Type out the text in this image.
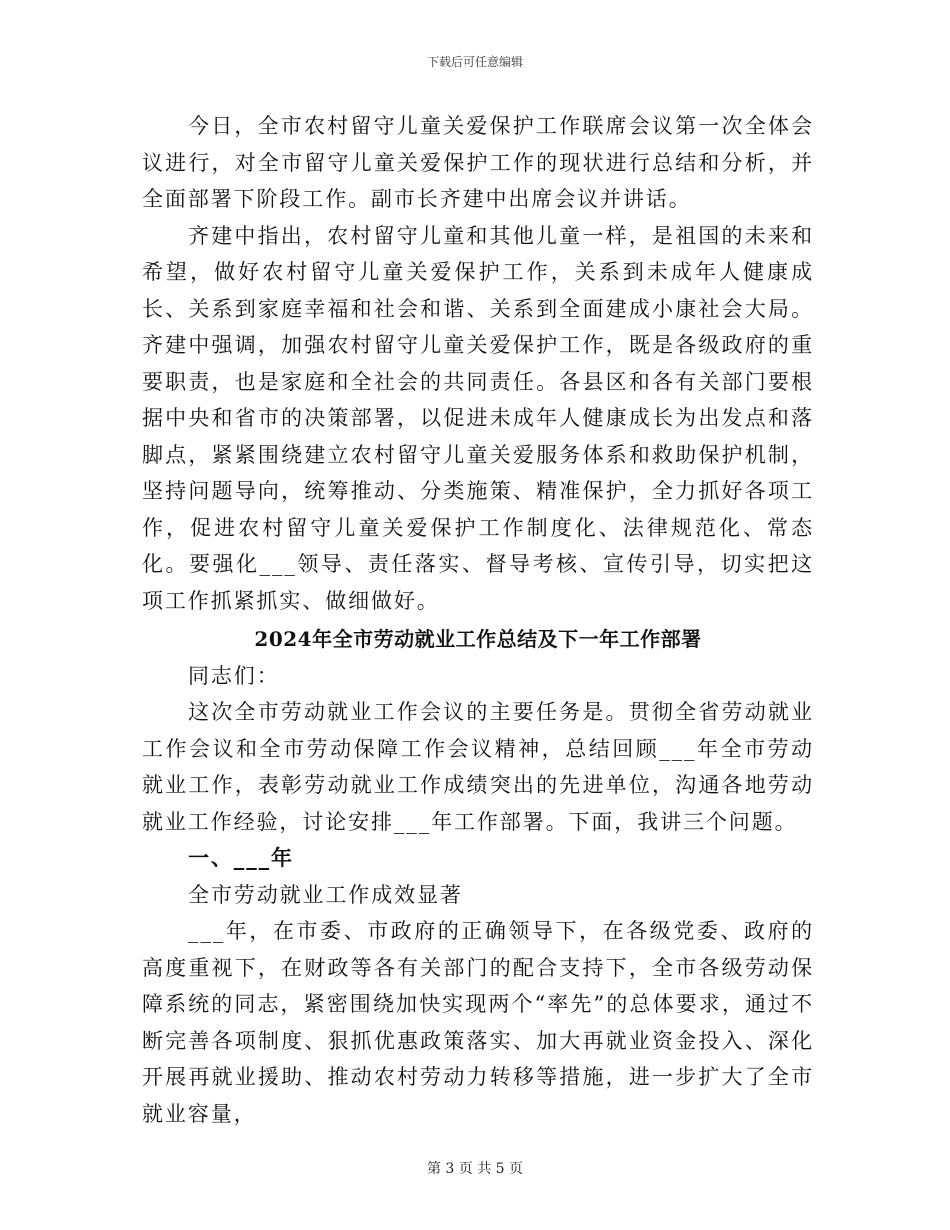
下载后可任意编辑

今日，全市农村留守儿童关爱保护工作联席会议第一次全体会议进行，对全市留守儿童关爱保护工作的现状进行总结和分析，并全面部署下阶段工作。副市长齐建中出席会议并讲话。

齐建中指出，农村留守儿童和其他儿童一样，是祖国的未来和希望，做好农村留守儿童关爱保护工作，关系到未成年人健康成长、关系到家庭幸福和社会和谐、关系到全面建成小康社会大局。齐建中强调，加强农村留守儿童关爱保护工作，既是各级政府的重要职责，也是家庭和全社会的共同责任。各县区和各有关部门要根据中央和省市的决策部署，以促进未成年人健康成长为出发点和落脚点，紧紧围绕建立农村留守儿童关爱服务体系和救助保护机制，坚持问题导向，统筹推动、分类施策、精准保护，全力抓好各项工作，促进农村留守儿童关爱保护工作制度化、法律规范化、常态化。要强化___领导、责任落实、督导考核、宣传引导，切实把这项工作抓紧抓实、做细做好。

2024年全市劳动就业工作总结及下一年工作部署

同志们：

这次全市劳动就业工作会议的主要任务是。贯彻全省劳动就业工作会议和全市劳动保障工作会议精神，总结回顾___年全市劳动就业工作，表彰劳动就业工作成绩突出的先进单位，沟通各地劳动就业工作经验，讨论安排___年工作部署。下面，我讲三个问题。

一、___年

全市劳动就业工作成效显著

___年，在市委、市政府的正确领导下，在各级党委、政府的高度重视下，在财政等各有关部门的配合支持下，全市各级劳动保障系统的同志，紧密围绕加快实现两个“率先”的总体要求，通过不断完善各项制度、狠抓优惠政策落实、加大再就业资金投入、深化开展再就业援助、推动农村劳动力转移等措施，进一步扩大了全市就业容量，

第 3 页 共 5 页
